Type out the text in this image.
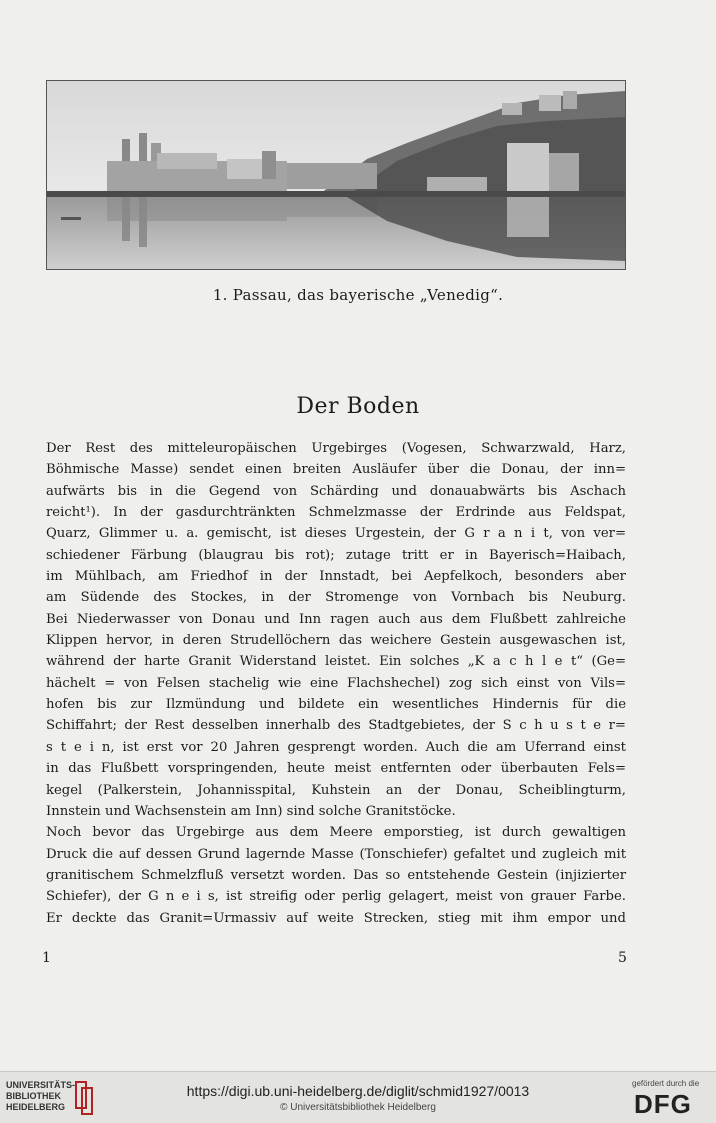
1. Passau, das bayerische „Venedig“.
Der Boden
Der Rest des mitteleuropäischen Urgebirges (Vogesen, Schwarzwald, Harz,
Böhmische Masse) sendet einen breiten Ausläufer über die Donau, der inn=
aufwärts bis in die Gegend von Schärding und donauabwärts bis Aschach
reicht¹). In der gasdurchtränkten Schmelzmasse der Erdrinde aus Feldspat,
Quarz, Glimmer u. a. gemischt, ist dieses Urgestein, der G r a n i t, von ver=
schiedener Färbung (blaugrau bis rot); zutage tritt er in Bayerisch=Haibach,
im Mühlbach, am Friedhof in der Innstadt, bei Aepfelkoch, besonders aber
am Südende des Stockes, in der Stromenge von Vornbach bis Neuburg.
Bei Niederwasser von Donau und Inn ragen auch aus dem Flußbett zahlreiche
Klippen hervor, in deren Strudellöchern das weichere Gestein ausgewaschen ist,
während der harte Granit Widerstand leistet. Ein solches „K a c h l e t“ (Ge=
hächelt = von Felsen stachelig wie eine Flachshechel) zog sich einst von Vils=
hofen bis zur Ilzmündung und bildete ein wesentliches Hindernis für die
Schiffahrt; der Rest desselben innerhalb des Stadtgebietes, der S c h u s t e r=
s t e i n, ist erst vor 20 Jahren gesprengt worden. Auch die am Uferrand einst
in das Flußbett vorspringenden, heute meist entfernten oder überbauten Fels=
kegel (Palkerstein, Johannisspital, Kuhstein an der Donau, Scheiblingturm,
Innstein und Wachsenstein am Inn) sind solche Granitstöcke.
Noch bevor das Urgebirge aus dem Meere emporstieg, ist durch gewaltigen
Druck die auf dessen Grund lagernde Masse (Tonschiefer) gefaltet und zugleich mit
granitischem Schmelzfluß versetzt worden. Das so entstehende Gestein (injizierter
Schiefer), der G n e i s, ist streifig oder perlig gelagert, meist von grauer Farbe.
Er deckte das Granit=Urmassiv auf weite Strecken, stieg mit ihm empor und
1	5
UNIVERSITÄTS-
BIBLIOTHEK
HEIDELBERG
https://digi.ub.uni-heidelberg.de/diglit/schmid1927/0013
© Universitätsbibliothek Heidelberg
gefördert durch die
DFG
